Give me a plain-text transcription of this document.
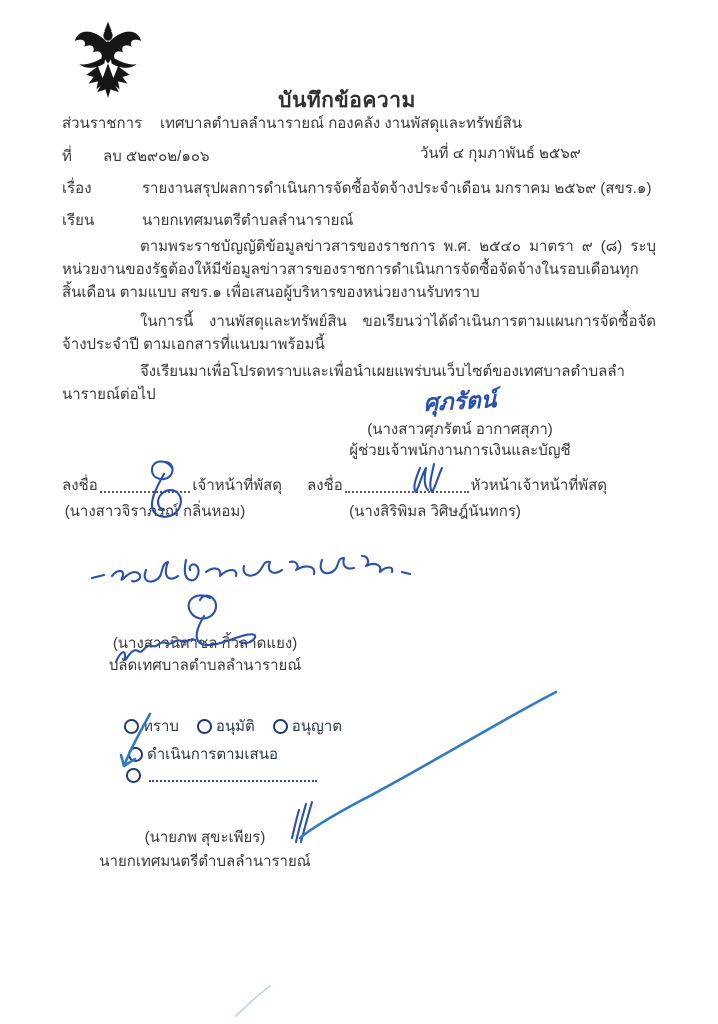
บันทึกข้อความ
ส่วนราชการ เทศบาลตำบลลำนารายณ์ กองคลัง งานพัสดุและทรัพย์สิน
ที่ ลบ ๕๒๙๐๒/๑๐๖	วันที่ ๔ กุมภาพันธ์ ๒๕๖๙
เรื่อง	รายงานสรุปผลการดำเนินการจัดซื้อจัดจ้างประจำเดือน มกราคม ๒๕๖๙ (สขร.๑)
เรียน	นายกเทศมนตรีตำบลลำนารายณ์
ตามพระราชบัญญัติข้อมูลข่าวสารของราชการ พ.ศ. ๒๕๔๐ มาตรา ๙ (๘) ระบุหน่วยงานของรัฐต้องให้มีข้อมูลข่าวสารของราชการดำเนินการจัดซื้อจัดจ้างในรอบเดือนทุกสิ้นเดือน ตามแบบ สขร.๑ เพื่อเสนอผู้บริหารของหน่วยงานรับทราบ
ในการนี้ งานพัสดุและทรัพย์สิน ขอเรียนว่าได้ดำเนินการตามแผนการจัดซื้อจัดจ้างประจำปี ตามเอกสารที่แนบมาพร้อมนี้
จึงเรียนมาเพื่อโปรดทราบและเพื่อนำเผยแพร่บนเว็บไซต์ของเทศบาลตำบลลำนารายณ์ต่อไป	ศุภรัตน์
(นางสาวศุภรัตน์ อากาศสุภา)
ผู้ช่วยเจ้าพนักงานการเงินและบัญชี
ลงชื่อ	เจ้าหน้าที่พัสดุ ลงชื่อ	หัวหน้าเจ้าหน้าที่พัสดุ
(นางสาวจิราภรณ์ กลิ่นหอม)	(นางสิริพิมล วิศิษฎ์นันทกร)
(นางสาวนิศาชล กิ้วลาดแยง)
ปลัดเทศบาลตำบลลำนารายณ์
ทราบ อนุมัติ อนุญาต
ดำเนินการตามเสนอ
(นายภพ สุขะเพียร)
นายกเทศมนตรีตำบลลำนารายณ์
